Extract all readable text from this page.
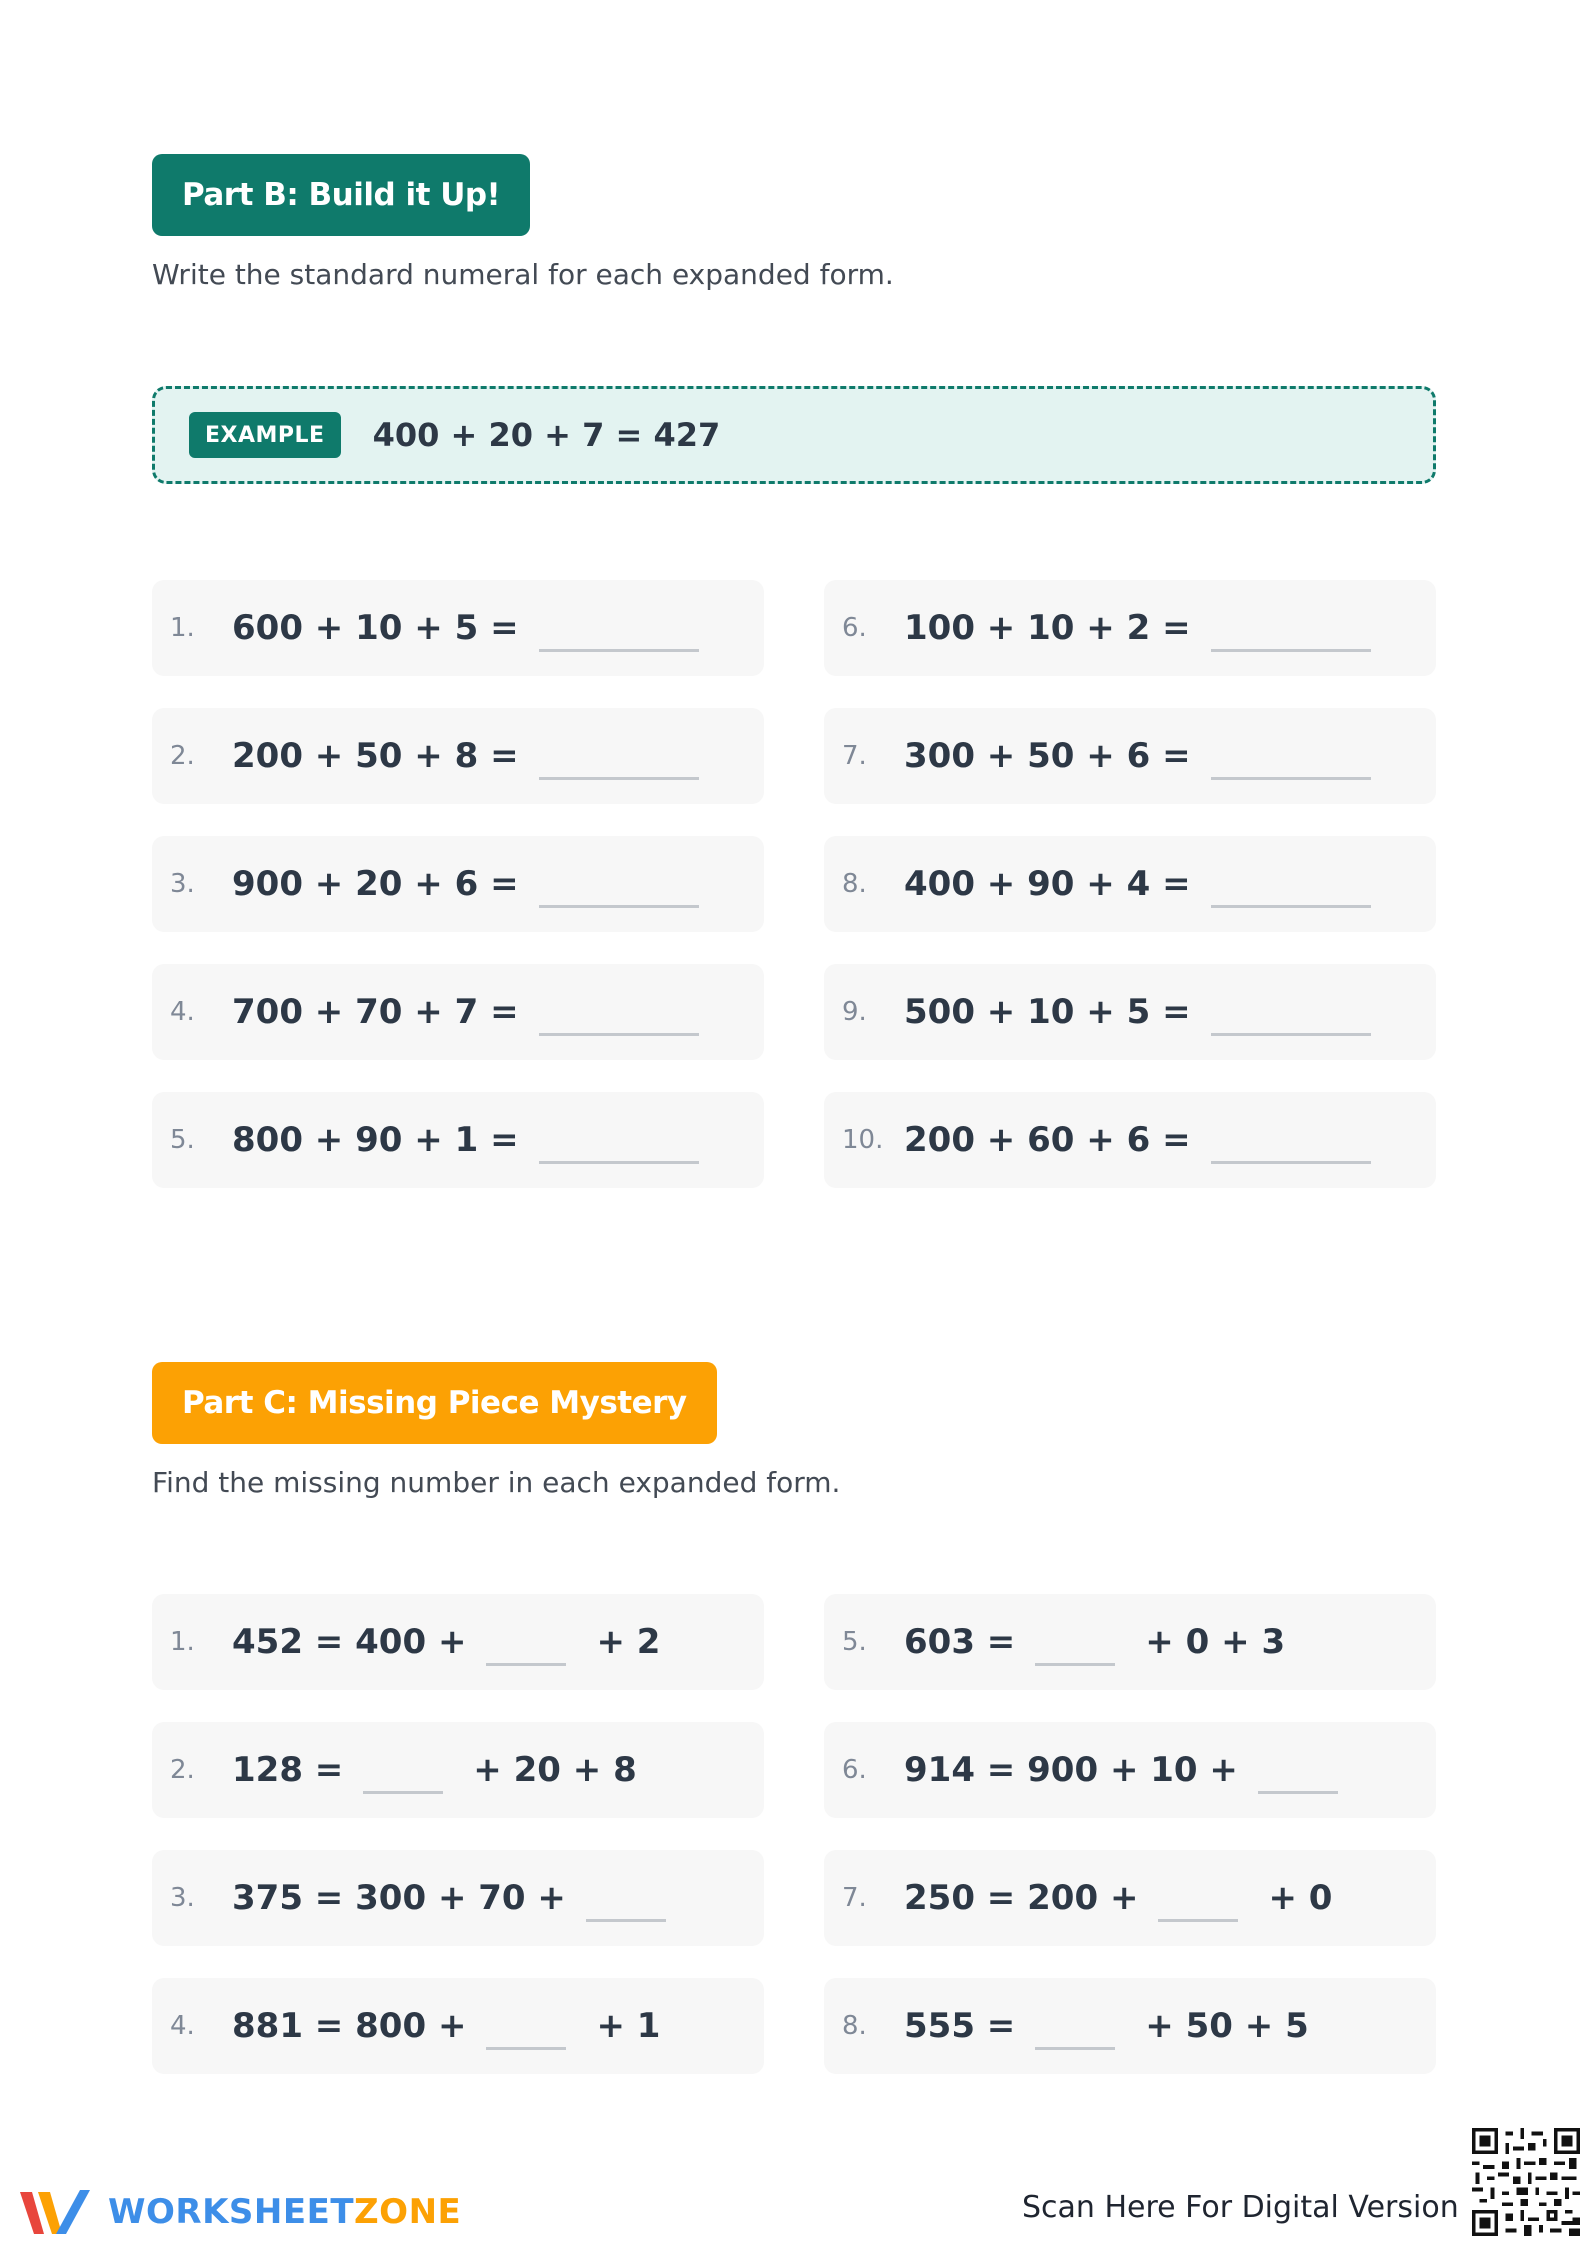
Part B: Build it Up!
Write the standard numeral for each expanded form.
EXAMPLE	400 + 20 + 7 = 427
1.	600 + 10 + 5 =
2.	200 + 50 + 8 =
3.	900 + 20 + 6 =
4.	700 + 70 + 7 =
5.	800 + 90 + 1 =
6.	100 + 10 + 2 =
7.	300 + 50 + 6 =
8.	400 + 90 + 4 =
9.	500 + 10 + 5 =
10. 200 + 60 + 6 =
Part C: Missing Piece Mystery
Find the missing number in each expanded form.
1.	452 = 400 +	+ 2
2.	128 =	+ 20 + 8
3.	375 = 300 + 70 +
4.	881 = 800 +	+ 1
5.	603 =	+ 0 + 3
6.	914 = 900 + 10 +
7.	250 = 200 +	+ 0
8.	555 =	+ 50 + 5
WORKSHEETZONE	Scan Here For Digital Version
